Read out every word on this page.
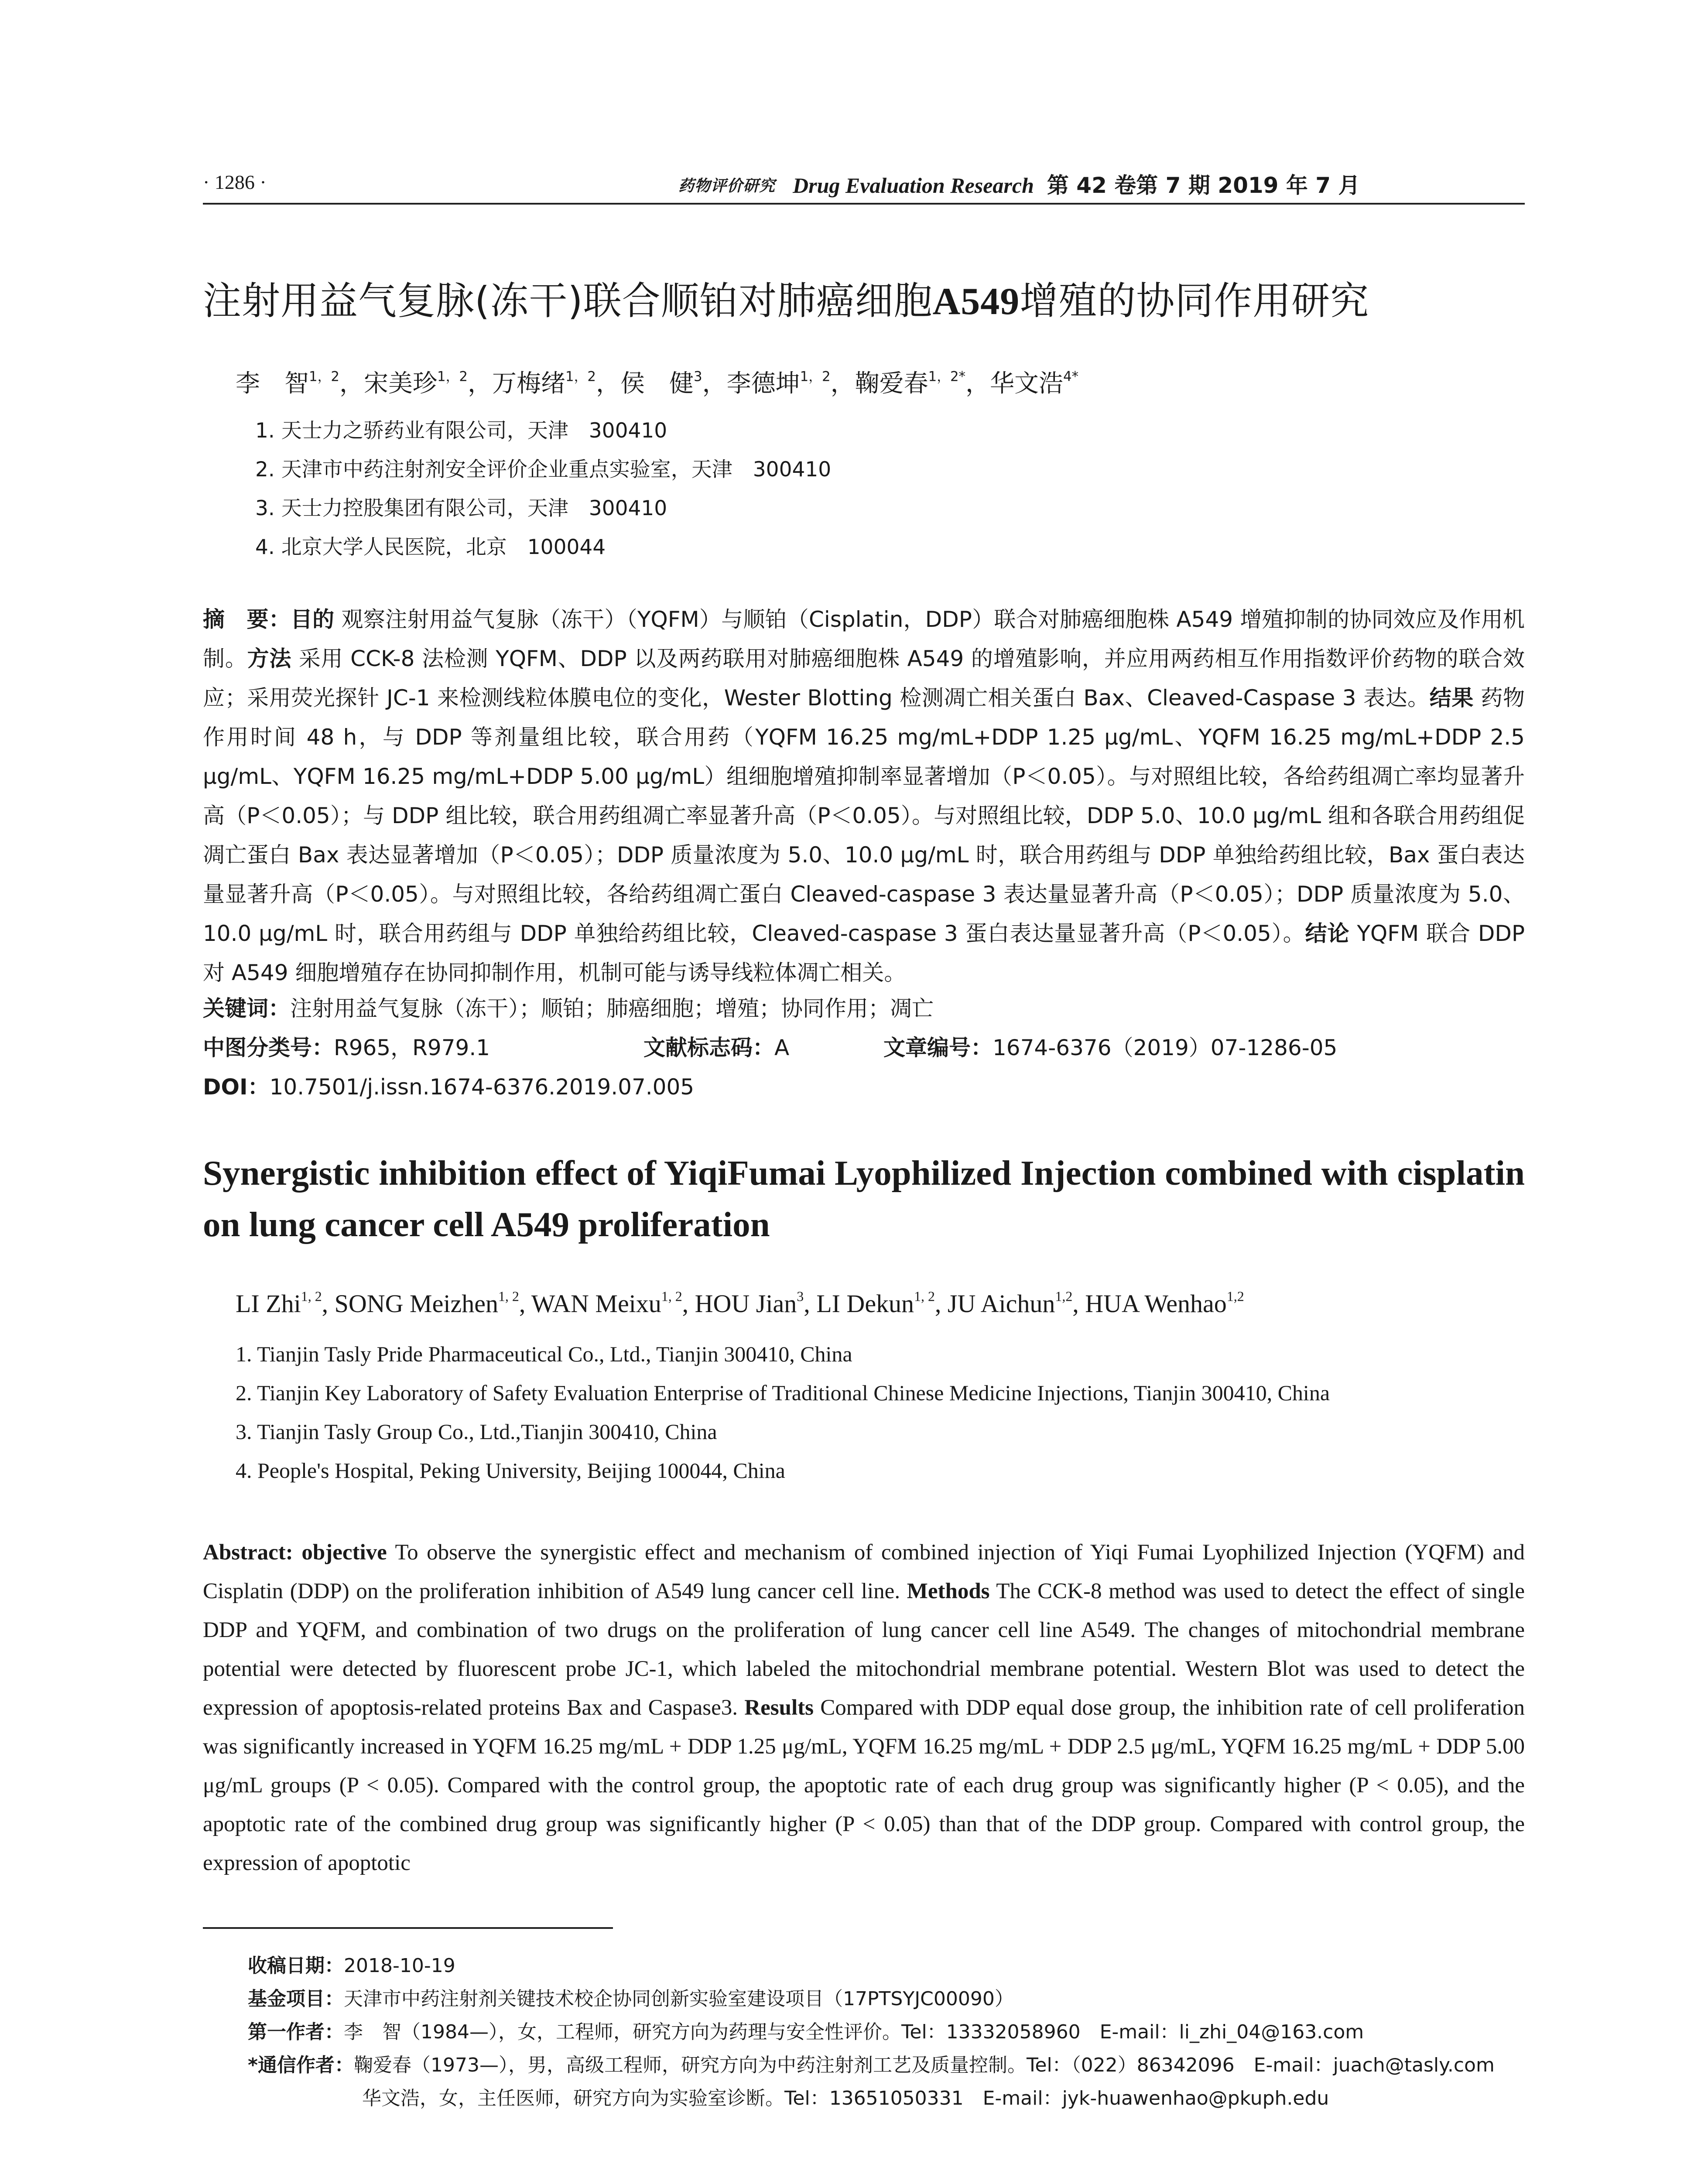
· 1286 ·	药物评价研究 Drug Evaluation Research 第 42 卷第 7 期 2019 年 7 月
注射用益气复脉(冻干)联合顺铂对肺癌细胞A549增殖的协同作用研究
李　智$^{1,2}$，宋美珍$^{1,2}$，万梅绪$^{1,2}$，侯　健$^3$，李德坤$^{1,2}$，鞠爱春$^{1,2*}$，华文浩$^{4*}$
1. 天士力之骄药业有限公司，天津　300410
2. 天津市中药注射剂安全评价企业重点实验室，天津　300410
3. 天士力控股集团有限公司，天津　300410
4. 北京大学人民医院，北京　100044
摘　要：目的 观察注射用益气复脉（冻干）（YQFM）与顺铂（Cisplatin，DDP）联合对肺癌细胞株 A549 增殖抑制的协同效应及作用机制。方法 采用 CCK-8 法检测 YQFM、DDP 以及两药联用对肺癌细胞株 A549 的增殖影响，并应用两药相互作用指数评价药物的联合效应；采用荧光探针 JC-1 来检测线粒体膜电位的变化，Wester Blotting 检测凋亡相关蛋白 Bax、Cleaved-Caspase 3 表达。结果 药物作用时间 48 h，与 DDP 等剂量组比较，联合用药（YQFM 16.25 mg/mL+DDP 1.25 μg/mL、YQFM 16.25 mg/mL+DDP 2.5 μg/mL、YQFM 16.25 mg/mL+DDP 5.00 μg/mL）组细胞增殖抑制率显著增加（P＜0.05）。与对照组比较，各给药组凋亡率均显著升高（P＜0.05）；与 DDP 组比较，联合用药组凋亡率显著升高（P＜0.05）。与对照组比较，DDP 5.0、10.0 μg/mL 组和各联合用药组促凋亡蛋白 Bax 表达显著增加（P＜0.05）；DDP 质量浓度为 5.0、10.0 μg/mL 时，联合用药组与 DDP 单独给药组比较，Bax 蛋白表达量显著升高（P＜0.05）。与对照组比较，各给药组凋亡蛋白 Cleaved-caspase 3 表达量显著升高（P＜0.05）；DDP 质量浓度为 5.0、10.0 μg/mL 时，联合用药组与 DDP 单独给药组比较，Cleaved-caspase 3 蛋白表达量显著升高（P＜0.05）。结论 YQFM 联合 DDP 对 A549 细胞增殖存在协同抑制作用，机制可能与诱导线粒体凋亡相关。
关键词：注射用益气复脉（冻干）；顺铂；肺癌细胞；增殖；协同作用；凋亡
中图分类号：R965，R979.1	文献标志码：A	文章编号：1674-6376（2019）07-1286-05
DOI：10.7501/j.issn.1674-6376.2019.07.005
Synergistic inhibition effect of YiqiFumai Lyophilized Injection combined with cisplatin on lung cancer cell A549 proliferation
LI Zhi$^{1, 2}$, SONG Meizhen$^{1, 2}$, WAN Meixu$^{1, 2}$, HOU Jian$^3$, LI Dekun$^{1, 2}$, JU Aichun$^{1,2}$, HUA Wenhao$^{1,2}$
1. Tianjin Tasly Pride Pharmaceutical Co., Ltd., Tianjin 300410, China
2. Tianjin Key Laboratory of Safety Evaluation Enterprise of Traditional Chinese Medicine Injections, Tianjin 300410, China
3. Tianjin Tasly Group Co., Ltd.,Tianjin 300410, China
4. People's Hospital, Peking University, Beijing 100044, China
Abstract: objective To observe the synergistic effect and mechanism of combined injection of Yiqi Fumai Lyophilized Injection (YQFM) and Cisplatin (DDP) on the proliferation inhibition of A549 lung cancer cell line. Methods The CCK-8 method was used to detect the effect of single DDP and YQFM, and combination of two drugs on the proliferation of lung cancer cell line A549. The changes of mitochondrial membrane potential were detected by fluorescent probe JC-1, which labeled the mitochondrial membrane potential. Western Blot was used to detect the expression of apoptosis-related proteins Bax and Caspase3. Results Compared with DDP equal dose group, the inhibition rate of cell proliferation was significantly increased in YQFM 16.25 mg/mL + DDP 1.25 μg/mL, YQFM 16.25 mg/mL + DDP 2.5 μg/mL, YQFM 16.25 mg/mL + DDP 5.00 μg/mL groups (P < 0.05). Compared with the control group, the apoptotic rate of each drug group was significantly higher (P < 0.05), and the apoptotic rate of the combined drug group was significantly higher (P < 0.05) than that of the DDP group. Compared with control group, the expression of apoptotic
收稿日期：2018-10-19
基金项目：天津市中药注射剂关键技术校企协同创新实验室建设项目（17PTSYJC00090）
第一作者：李　智（1984—），女，工程师，研究方向为药理与安全性评价。Tel：13332058960　E-mail：li_zhi_04@163.com
*通信作者：鞠爱春（1973—），男，高级工程师，研究方向为中药注射剂工艺及质量控制。Tel：（022）86342096　E-mail：juach@tasly.com
华文浩，女，主任医师，研究方向为实验室诊断。Tel：13651050331　E-mail：jyk-huawenhao@pkuph.edu
